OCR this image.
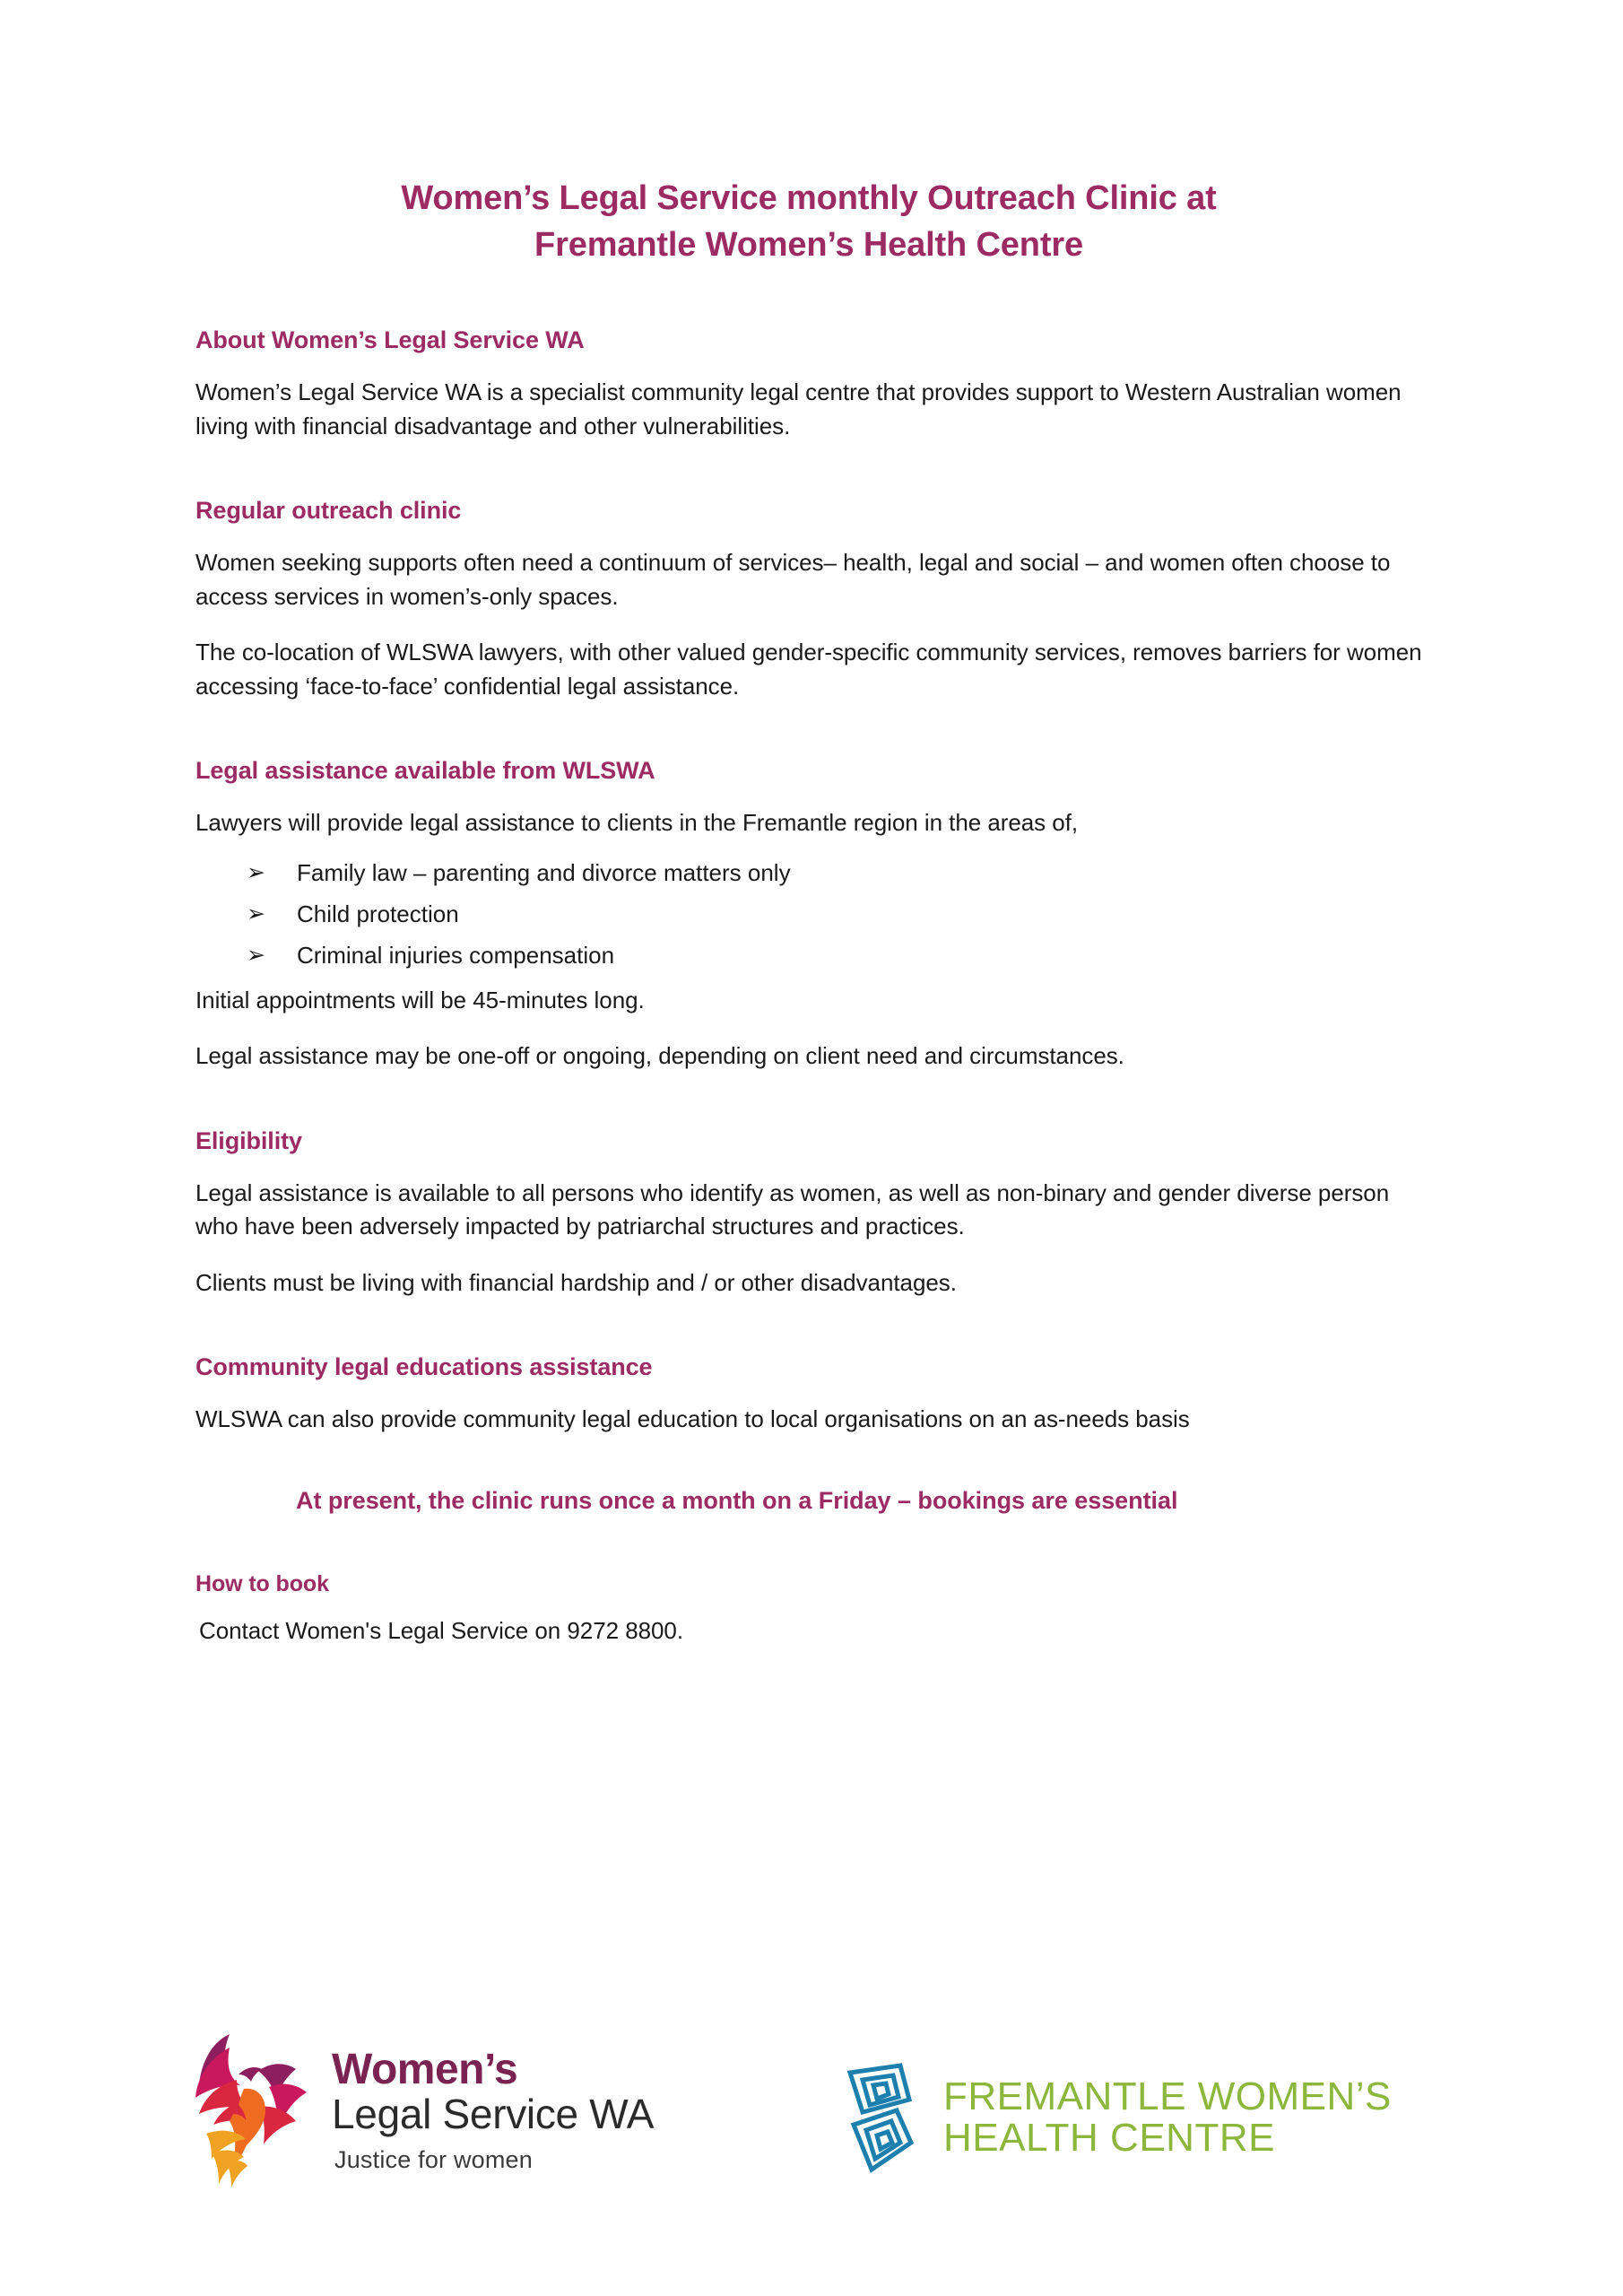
Women’s Legal Service monthly Outreach Clinic at
Fremantle Women’s Health Centre
About Women’s Legal Service WA

Women’s Legal Service WA is a specialist community legal centre that provides support to Western Australian women living with financial disadvantage and other vulnerabilities.

Regular outreach clinic

Women seeking supports often need a continuum of services– health, legal and social – and women often choose to access services in women’s-only spaces.

The co-location of WLSWA lawyers, with other valued gender-specific community services, removes barriers for women accessing ‘face-to-face’ confidential legal assistance.

Legal assistance available from WLSWA

Lawyers will provide legal assistance to clients in the Fremantle region in the areas of,

➢	Family law – parenting and divorce matters only
➢	Child protection
➢	Criminal injuries compensation

Initial appointments will be 45-minutes long.

Legal assistance may be one-off or ongoing, depending on client need and circumstances.

Eligibility

Legal assistance is available to all persons who identify as women, as well as non-binary and gender diverse person who have been adversely impacted by patriarchal structures and practices.

Clients must be living with financial hardship and / or other disadvantages.

Community legal educations assistance

WLSWA can also provide community legal education to local organisations on an as-needs basis

At present, the clinic runs once a month on a Friday – bookings are essential

How to book

Contact Women's Legal Service on 9272 8800.

Women’s
Legal Service WA
Justice for women
FREMANTLE WOMEN’S
HEALTH CENTRE
